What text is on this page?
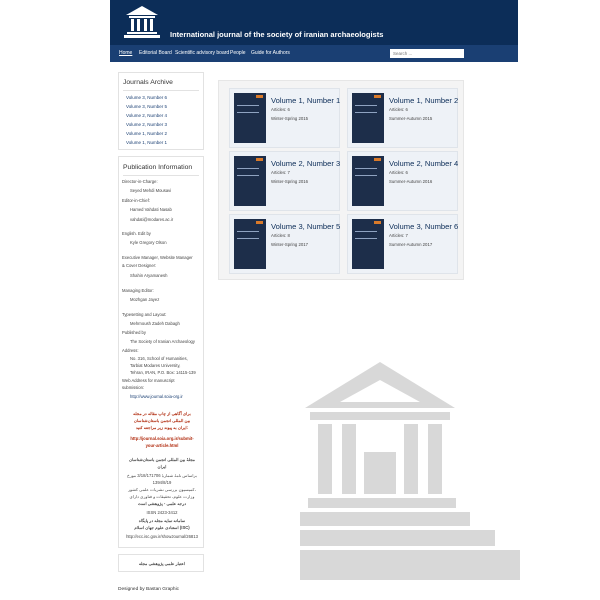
International journal of the society of iranian archaeologists
Home Editorial Board Scientific advisory board People Guide for Authors
Search ...
Journals Archive
Volume 3, Number 6
Volume 3, Number 5
Volume 2, Number 4
Volume 2, Number 3
Volume 1, Number 2
Volume 1, Number 1
Publication Information
Director-in-Charge:
Seyed Mehdi Mousavi
Editor-in-Chief:
Hamed Vahdati Nasab
vahdati@modares.ac.ir
English. Edit by
Kyle Gregory Olson
Executive Manager, Website Manager
& Cover Designer:
Shahin Aryamanesh
Managing Editor:
Mozhgan Jayez
Typesetting and Layout:
Mehrnoush Zadeh Dabagh
Published by
The Society of Iranian Archaeology
Address:
No. 316, School of Humanities,
Tarbiat Modares University,
Tehran, IRAN, P.O. Box: 14115-139
Web Address for manuscript
submission:
http://www.journal.soia-org.ir
برای آگاهی از چاپ مقاله در مجله
بین المللی انجمن باستان‌شناسان
ایران به پیوند زیر مراجعه کنید:
http://journal.soia.org.ir/submit-
your-article.html
مجلهٔ بین المللی انجمن باستان‌شناسان
ایران
براساس نامهٔ شمارهٔ 3/18/171706 مورخ
1394/8/19
کمیسیون بررسی نشریات علمی کشور،
وزارت علوم، تحقیقات و فناوری دارای
درجه علمی - پژوهشی است
ISSN 2423-3412
سامانه نمایه مجله در پایگاه
استنادی علوم جهان اسلام (ISC)
http://ecc.isc.gov.ir/showJournal/26813
اعتبار علمی پژوهشی مجله
Volume 1, Number 1
Articles: 6
Winter-Spring 2015
Volume 1, Number 2
Articles: 6
Summer-Autumn 2015
Volume 2, Number 3
Articles: 7
Winter-Spring 2016
Volume 2, Number 4
Articles: 6
Summer-Autumn 2016
Volume 3, Number 5
Articles: 8
Winter-Spring 2017
Volume 3, Number 6
Articles: 7
Summer-Autumn 2017
Designed by Bastan Graphic
